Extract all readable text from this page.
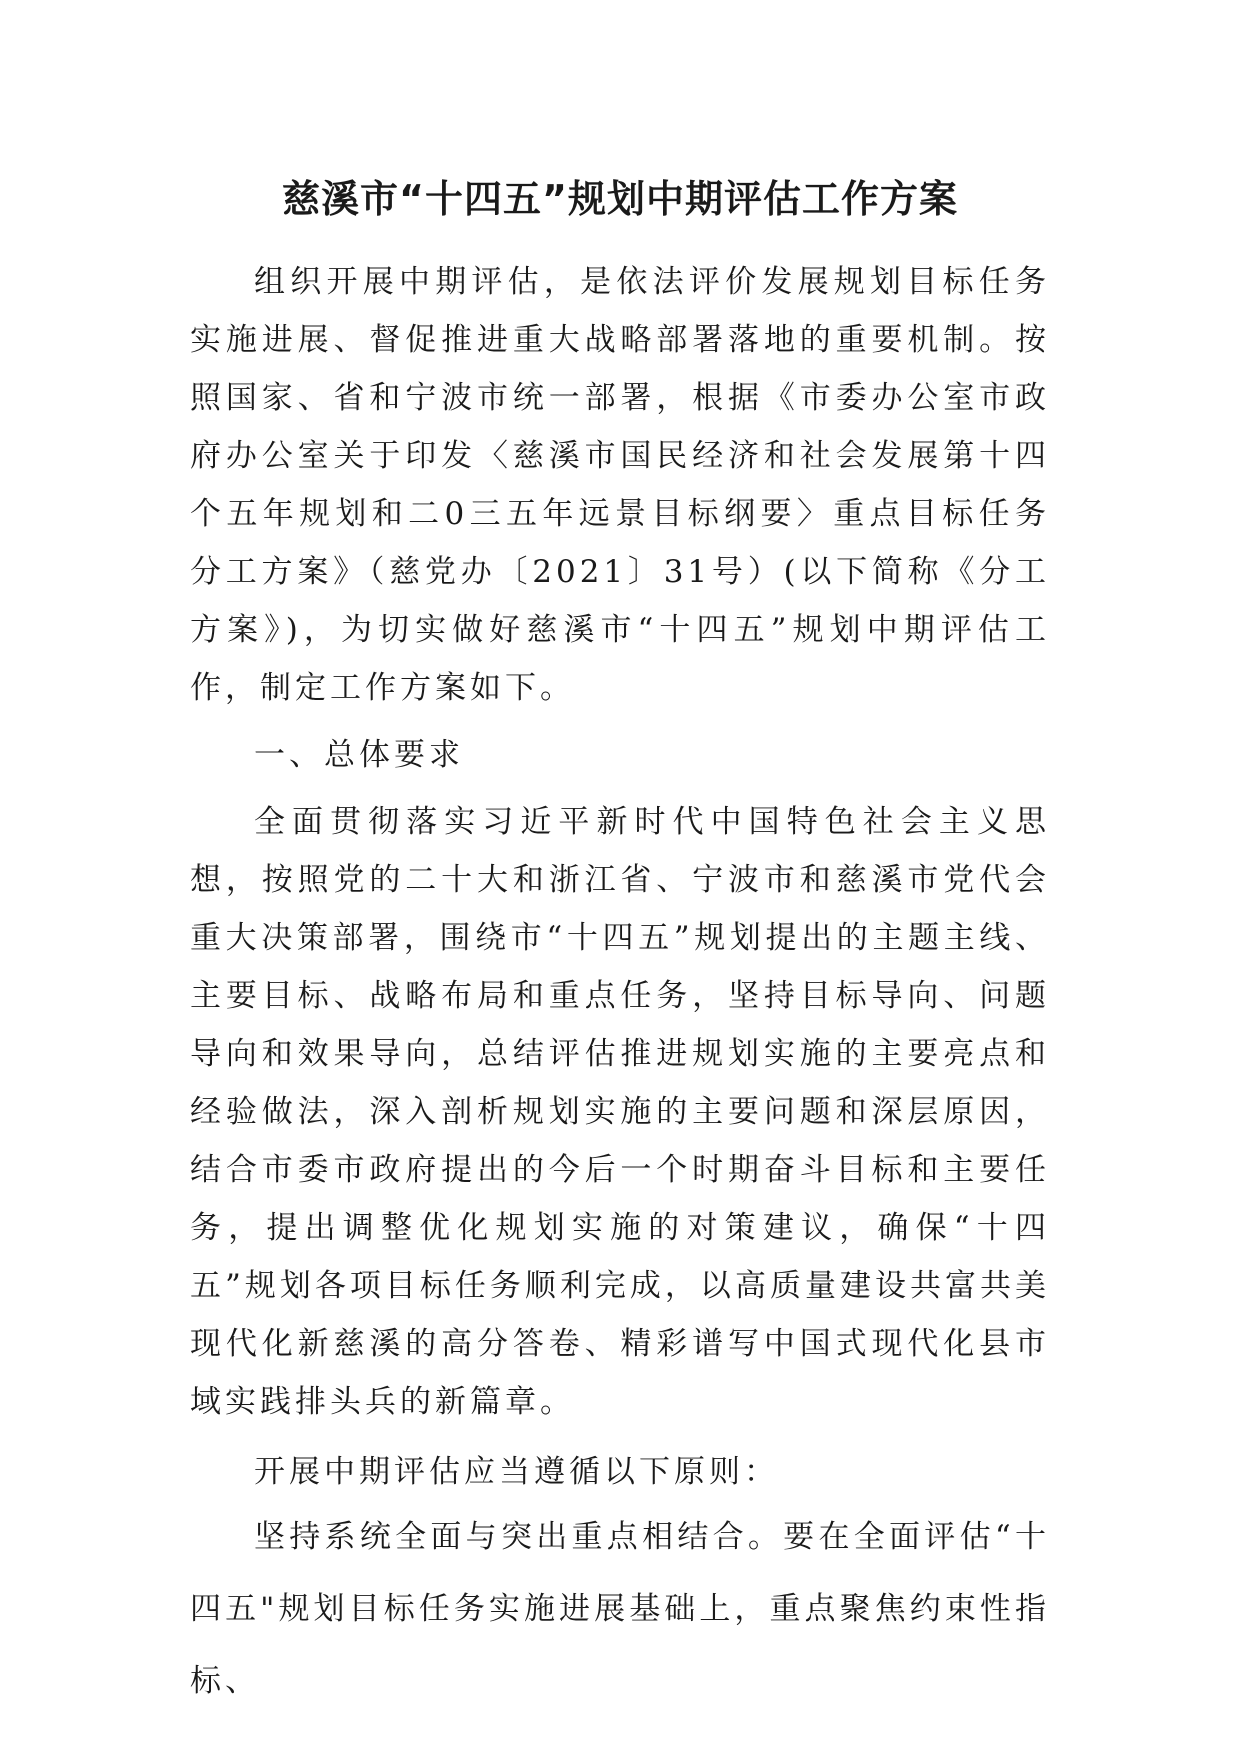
慈溪市“十四五”规划中期评估工作方案

组织开展中期评估，是依法评价发展规划目标任务实施进展、督促推进重大战略部署落地的重要机制。按照国家、省和宁波市统一部署，根据《市委办公室市政府办公室关于印发〈慈溪市国民经济和社会发展第十四个五年规划和二0三五年远景目标纲要〉重点目标任务分工方案》（慈党办〔2021〕31号）(以下简称《分工方案》)，为切实做好慈溪市“十四五”规划中期评估工作，制定工作方案如下。

一、总体要求

全面贯彻落实习近平新时代中国特色社会主义思想，按照党的二十大和浙江省、宁波市和慈溪市党代会重大决策部署，围绕市“十四五”规划提出的主题主线、主要目标、战略布局和重点任务，坚持目标导向、问题导向和效果导向，总结评估推进规划实施的主要亮点和经验做法，深入剖析规划实施的主要问题和深层原因，结合市委市政府提出的今后一个时期奋斗目标和主要任务，提出调整优化规划实施的对策建议，确保“十四五”规划各项目标任务顺利完成，以高质量建设共富共美现代化新慈溪的高分答卷、精彩谱写中国式现代化县市域实践排头兵的新篇章。

开展中期评估应当遵循以下原则：

坚持系统全面与突出重点相结合。要在全面评估“十四五"规划目标任务实施进展基础上，重点聚焦约束性指标、
